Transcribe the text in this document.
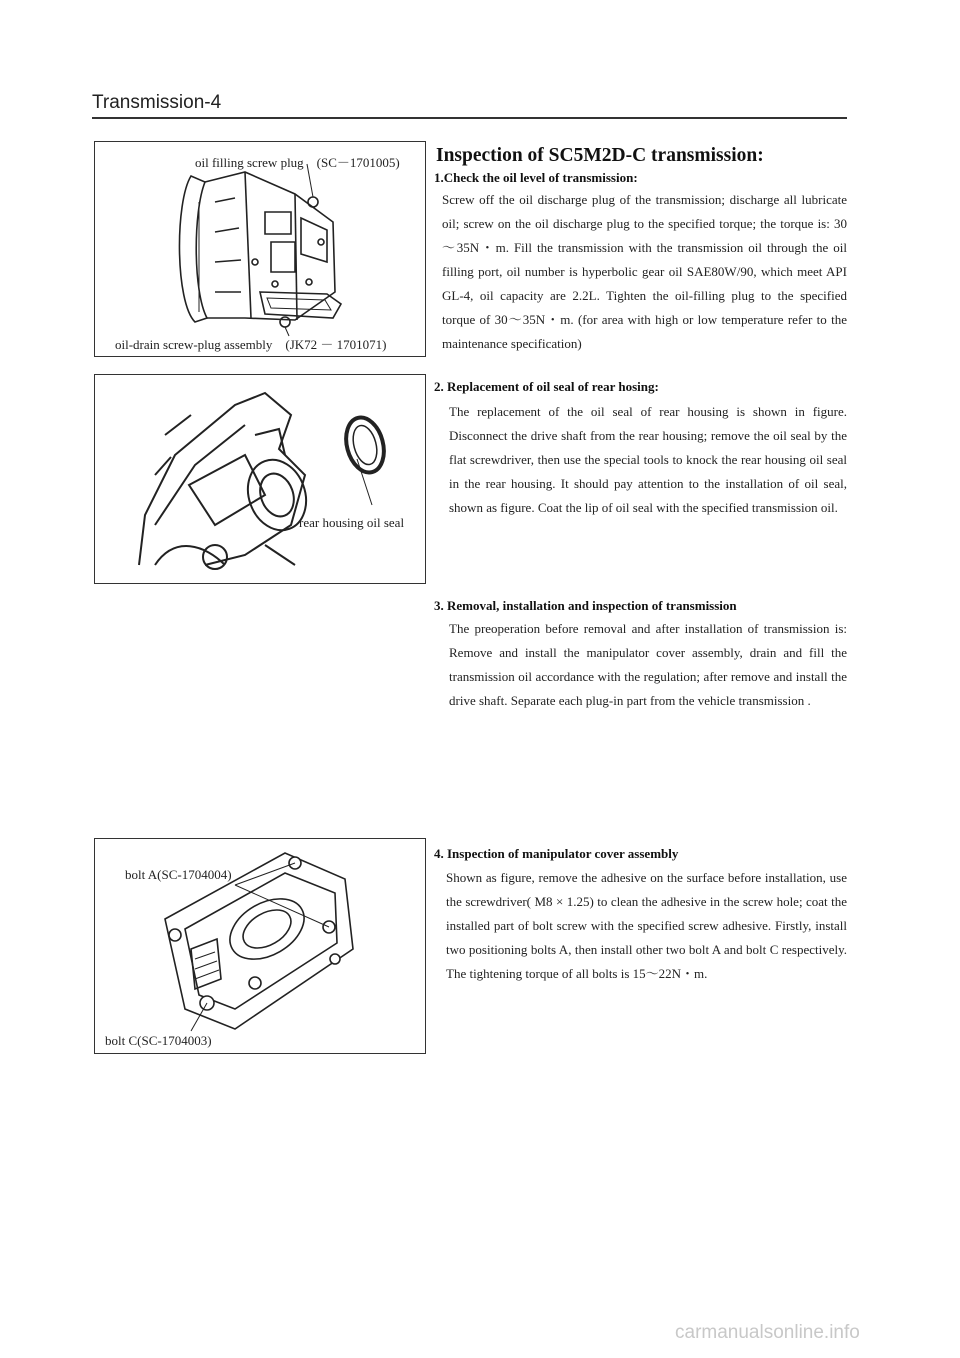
Transmission-4
oil filling screw plug　(SC－1701005)
oil-drain screw-plug assembly　(JK72 － 1701071)
rear housing oil seal
bolt A(SC-1704004)
bolt C(SC-1704003)
Inspection of SC5M2D-C transmission:
1.Check the oil level of transmission:
Screw off the oil discharge plug of the transmission; discharge all lubricate oil; screw on the oil discharge plug to the specified torque; the torque is: 30～35N・m. Fill the transmission with the transmission oil through the oil filling port, oil number is hyperbolic gear oil SAE80W/90, which meet API GL-4, oil capacity are 2.2L. Tighten the oil-filling plug to the specified torque of 30～35N・m. (for area with high or low temperature refer to the maintenance specification)
2. Replacement of oil seal of rear hosing:
The replacement of the oil seal of rear housing is shown in figure. Disconnect the drive shaft from the rear housing; remove the oil seal by the flat screwdriver, then use the special tools to knock the rear housing oil seal in the rear housing. It should pay attention to the installation of oil seal, shown as figure. Coat the lip of oil seal with the specified transmission oil.
3. Removal, installation and inspection of transmission
The preoperation before removal and after installation of transmission is: Remove and install the manipulator cover assembly, drain and fill the transmission oil accordance with the regulation; after remove and install the drive shaft. Separate each plug-in part from the vehicle transmission .
4. Inspection of manipulator cover assembly
Shown as figure, remove the adhesive on the surface before installation, use the screwdriver( M8 × 1.25) to clean the adhesive in the screw hole; coat the installed part of bolt screw with the specified screw adhesive. Firstly, install two positioning bolts A, then install other two bolt A and bolt C respectively. The tightening torque of all bolts is 15～22N・m.
carmanualsonline.info
